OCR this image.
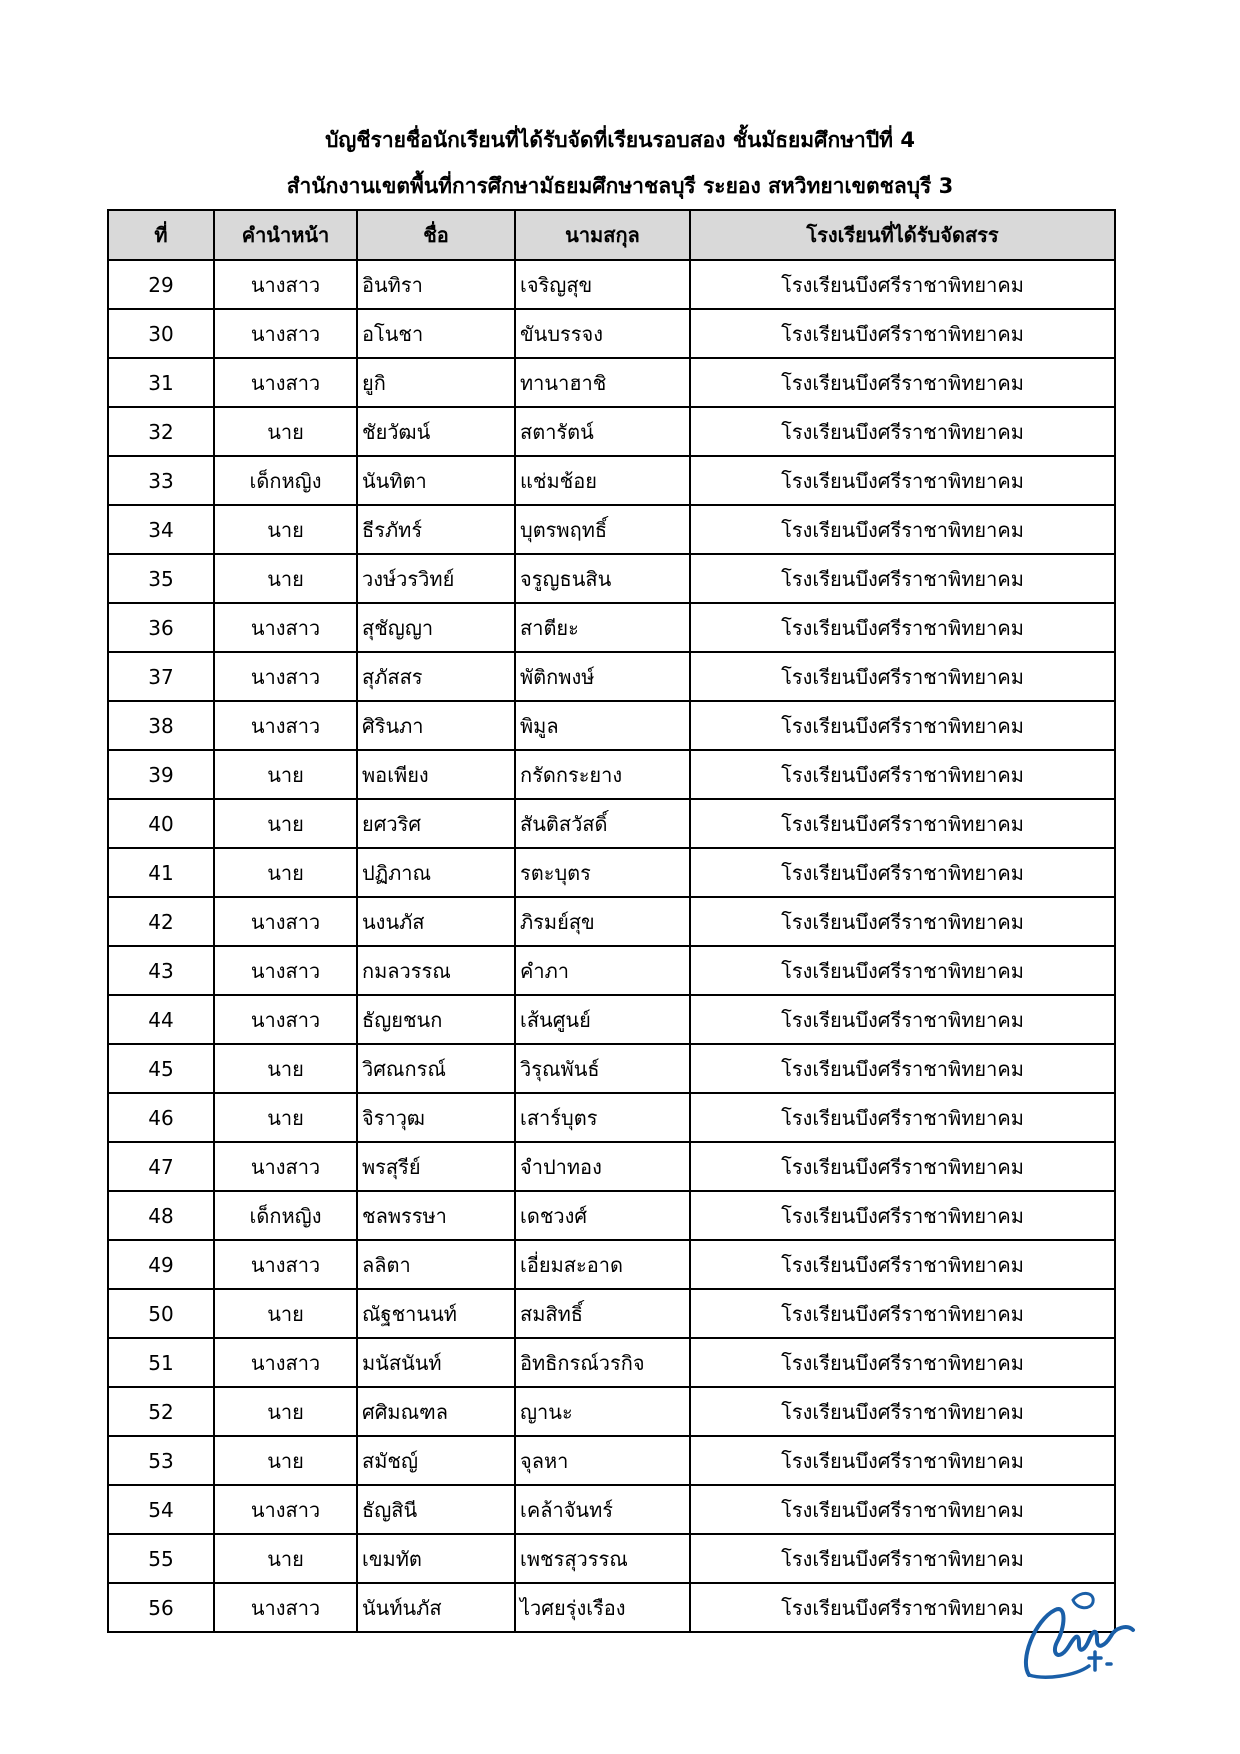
บัญชีรายชื่อนักเรียนที่ได้รับจัดที่เรียนรอบสอง ชั้นมัธยมศึกษาปีที่ 4
สำนักงานเขตพื้นที่การศึกษามัธยมศึกษาชลบุรี ระยอง สหวิทยาเขตชลบุรี 3
ที่	คำนำหน้า	ชื่อ	นามสกุล	โรงเรียนที่ได้รับจัดสรร
29	นางสาว	อินทิรา	เจริญสุข	โรงเรียนบึงศรีราชาพิทยาคม
30	นางสาว	อโนชา	ขันบรรจง	โรงเรียนบึงศรีราชาพิทยาคม
31	นางสาว	ยูกิ	ทานาฮาชิ	โรงเรียนบึงศรีราชาพิทยาคม
32	นาย	ชัยวัฒน์	สตารัตน์	โรงเรียนบึงศรีราชาพิทยาคม
33	เด็กหญิง	นันทิตา	แช่มช้อย	โรงเรียนบึงศรีราชาพิทยาคม
34	นาย	ธีรภัทร์	บุตรพฤทธิ์	โรงเรียนบึงศรีราชาพิทยาคม
35	นาย	วงษ์วรวิทย์	จรูญธนสิน	โรงเรียนบึงศรีราชาพิทยาคม
36	นางสาว	สุชัญญา	สาตียะ	โรงเรียนบึงศรีราชาพิทยาคม
37	นางสาว	สุภัสสร	พัติกพงษ์	โรงเรียนบึงศรีราชาพิทยาคม
38	นางสาว	ศิรินภา	พิมูล	โรงเรียนบึงศรีราชาพิทยาคม
39	นาย	พอเพียง	กรัดกระยาง	โรงเรียนบึงศรีราชาพิทยาคม
40	นาย	ยศวริศ	สันติสวัสดิ์	โรงเรียนบึงศรีราชาพิทยาคม
41	นาย	ปฏิภาณ	รตะบุตร	โรงเรียนบึงศรีราชาพิทยาคม
42	นางสาว	นงนภัส	ภิรมย์สุข	โรงเรียนบึงศรีราชาพิทยาคม
43	นางสาว	กมลวรรณ	คำภา	โรงเรียนบึงศรีราชาพิทยาคม
44	นางสาว	ธัญยชนก	เส้นศูนย์	โรงเรียนบึงศรีราชาพิทยาคม
45	นาย	วิศณกรณ์	วิรุณพันธ์	โรงเรียนบึงศรีราชาพิทยาคม
46	นาย	จิราวุฒ	เสาร์บุตร	โรงเรียนบึงศรีราชาพิทยาคม
47	นางสาว	พรสุรีย์	จำปาทอง	โรงเรียนบึงศรีราชาพิทยาคม
48	เด็กหญิง	ชลพรรษา	เดชวงศ์	โรงเรียนบึงศรีราชาพิทยาคม
49	นางสาว	ลลิตา	เอี่ยมสะอาด	โรงเรียนบึงศรีราชาพิทยาคม
50	นาย	ณัฐชานนท์	สมสิทธิ์	โรงเรียนบึงศรีราชาพิทยาคม
51	นางสาว	มนัสนันท์	อิทธิกรณ์วรกิจ	โรงเรียนบึงศรีราชาพิทยาคม
52	นาย	ศศิมณฑล	ญานะ	โรงเรียนบึงศรีราชาพิทยาคม
53	นาย	สมัชญ์	จุลหา	โรงเรียนบึงศรีราชาพิทยาคม
54	นางสาว	ธัญสินี	เคล้าจันทร์	โรงเรียนบึงศรีราชาพิทยาคม
55	นาย	เขมทัต	เพชรสุวรรณ	โรงเรียนบึงศรีราชาพิทยาคม
56	นางสาว	นันท์นภัส	ไวศยรุ่งเรือง	โรงเรียนบึงศรีราชาพิทยาคม
